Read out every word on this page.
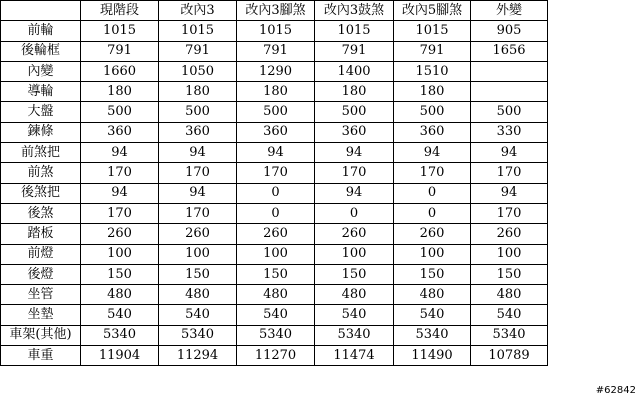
	現階段	改內3	改內3腳煞	改內3鼓煞	改內5腳煞	外變
前輪	1015	1015	1015	1015	1015	905
後輪框	791	791	791	791	791	1656
內變	1660	1050	1290	1400	1510	
導輪	180	180	180	180	180	
大盤	500	500	500	500	500	500
鍊條	360	360	360	360	360	330
前煞把	94	94	94	94	94	94
前煞	170	170	170	170	170	170
後煞把	94	94	0	94	0	94
後煞	170	170	0	0	0	170
踏板	260	260	260	260	260	260
前燈	100	100	100	100	100	100
後燈	150	150	150	150	150	150
坐管	480	480	480	480	480	480
坐墊	540	540	540	540	540	540
車架(其他)	5340	5340	5340	5340	5340	5340
車重	11904	11294	11270	11474	11490	10789
#62842
